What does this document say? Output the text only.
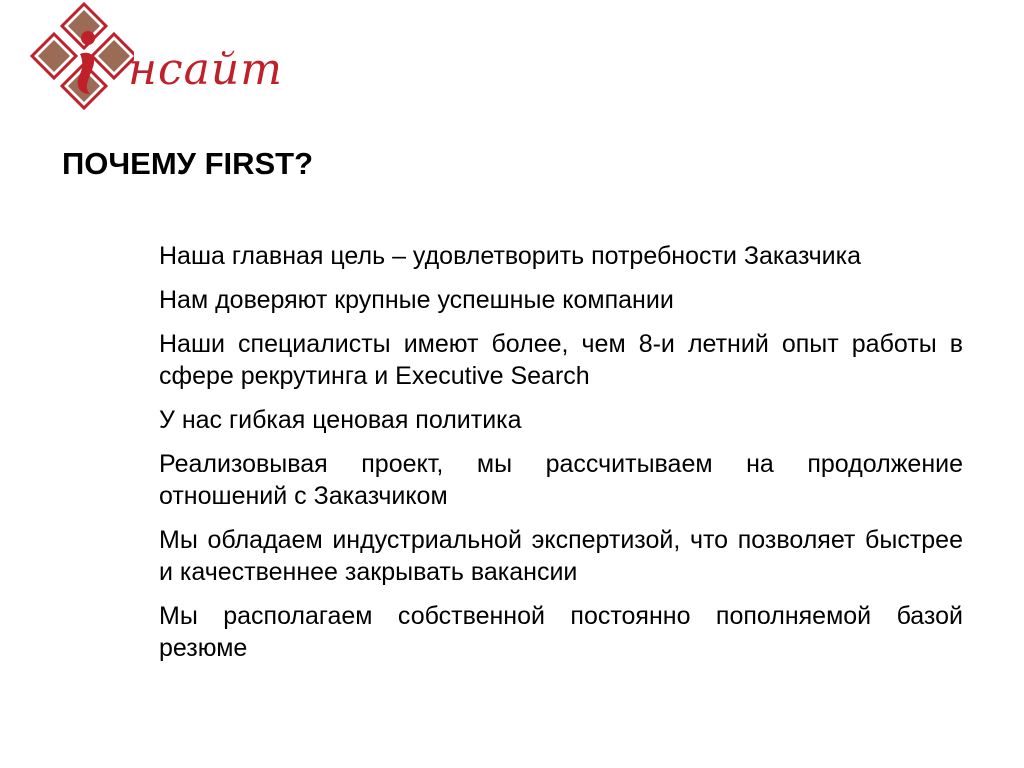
нсайт
ПОЧЕМУ FIRST?
Наша главная цель – удовлетворить потребности Заказчика
Нам доверяют крупные успешные компании
Наши специалисты имеют более, чем 8-и летний опыт работы в сфере рекрутинга и Executive Search
У нас гибкая ценовая политика
Реализовывая проект, мы рассчитываем на продолжение отношений с Заказчиком
Мы обладаем индустриальной экспертизой, что позволяет быстрее и качественнее закрывать вакансии
Мы располагаем собственной постоянно пополняемой базой резюме
